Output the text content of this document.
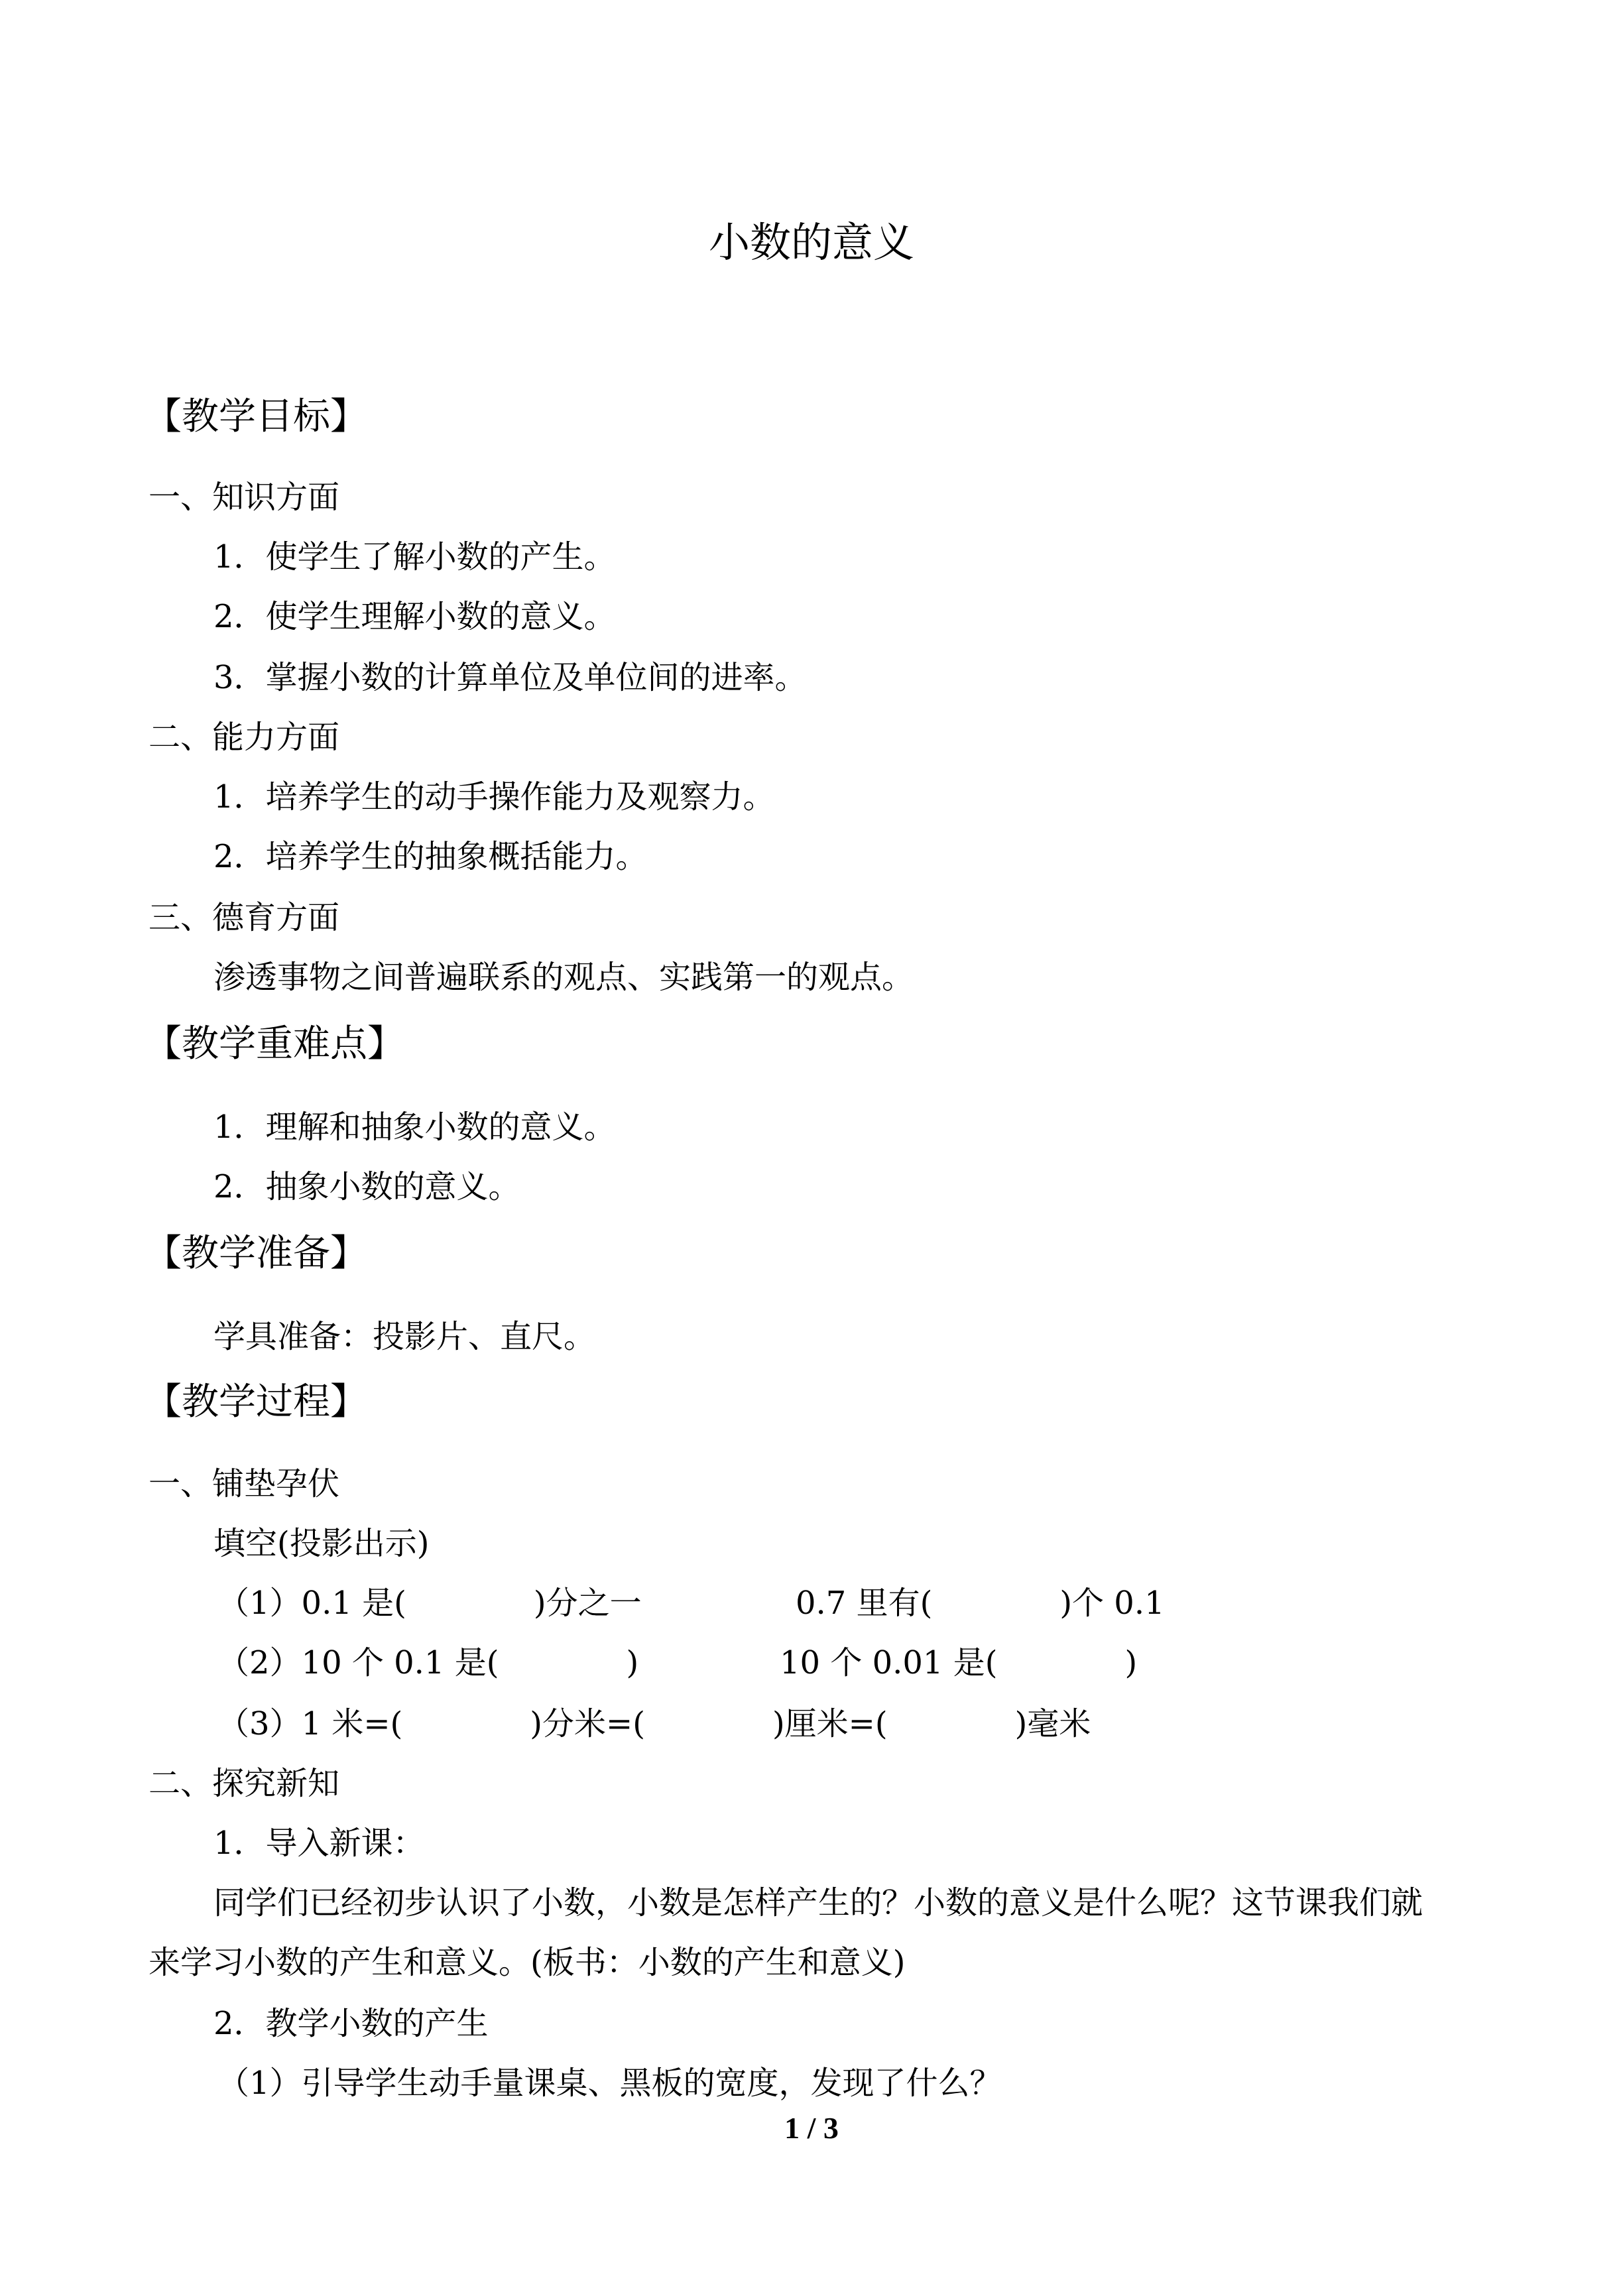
小数的意义
【教学目标】
一、知识方面
1．使学生了解小数的产生。
2．使学生理解小数的意义。
3．掌握小数的计算单位及单位间的进率。
二、能力方面
1．培养学生的动手操作能力及观察力。
2．培养学生的抽象概括能力。
三、德育方面
渗透事物之间普遍联系的观点、实践第一的观点。
【教学重难点】
1．理解和抽象小数的意义。
2．抽象小数的意义。
【教学准备】
学具准备：投影片、直尺。
【教学过程】
一、铺垫孕伏
填空(投影出示)
（1）0.1 是(　　　　)分之一	0.7 里有(　　　　)个 0.1
（2）10 个 0.1 是(　　　　)	10 个 0.01 是(　　　　)
（3）1 米=(　　　　)分米=(　　　　)厘米=(　　　　)毫米
二、探究新知
1．导入新课：
同学们已经初步认识了小数，小数是怎样产生的？小数的意义是什么呢？这节课我们就
来学习小数的产生和意义。(板书：小数的产生和意义)
2．教学小数的产生
（1）引导学生动手量课桌、黑板的宽度，发现了什么？
1 / 3
